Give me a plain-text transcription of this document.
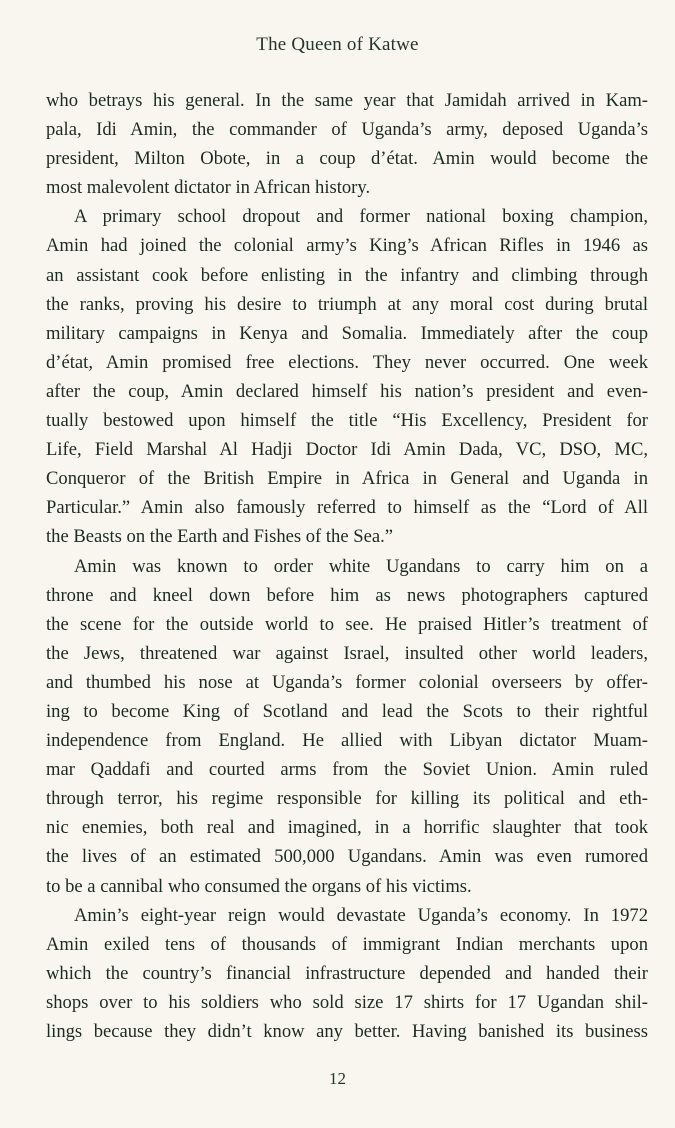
The Queen of Katwe
who betrays his general. In the same year that Jamidah arrived in Kam-
pala, Idi Amin, the commander of Uganda’s army, deposed Uganda’s
president, Milton Obote, in a coup d’état. Amin would become the
most malevolent dictator in African history.
A primary school dropout and former national boxing champion,
Amin had joined the colonial army’s King’s African Rifles in 1946 as
an assistant cook before enlisting in the infantry and climbing through
the ranks, proving his desire to triumph at any moral cost during brutal
military campaigns in Kenya and Somalia. Immediately after the coup
d’état, Amin promised free elections. They never occurred. One week
after the coup, Amin declared himself his nation’s president and even-
tually bestowed upon himself the title “His Excellency, President for
Life, Field Marshal Al Hadji Doctor Idi Amin Dada, VC, DSO, MC,
Conqueror of the British Empire in Africa in General and Uganda in
Particular.” Amin also famously referred to himself as the “Lord of All
the Beasts on the Earth and Fishes of the Sea.”
Amin was known to order white Ugandans to carry him on a
throne and kneel down before him as news photographers captured
the scene for the outside world to see. He praised Hitler’s treatment of
the Jews, threatened war against Israel, insulted other world leaders,
and thumbed his nose at Uganda’s former colonial overseers by offer-
ing to become King of Scotland and lead the Scots to their rightful
independence from England. He allied with Libyan dictator Muam-
mar Qaddafi and courted arms from the Soviet Union. Amin ruled
through terror, his regime responsible for killing its political and eth-
nic enemies, both real and imagined, in a horrific slaughter that took
the lives of an estimated 500,000 Ugandans. Amin was even rumored
to be a cannibal who consumed the organs of his victims.
Amin’s eight-year reign would devastate Uganda’s economy. In 1972
Amin exiled tens of thousands of immigrant Indian merchants upon
which the country’s financial infrastructure depended and handed their
shops over to his soldiers who sold size 17 shirts for 17 Ugandan shil-
lings because they didn’t know any better. Having banished its business
12
